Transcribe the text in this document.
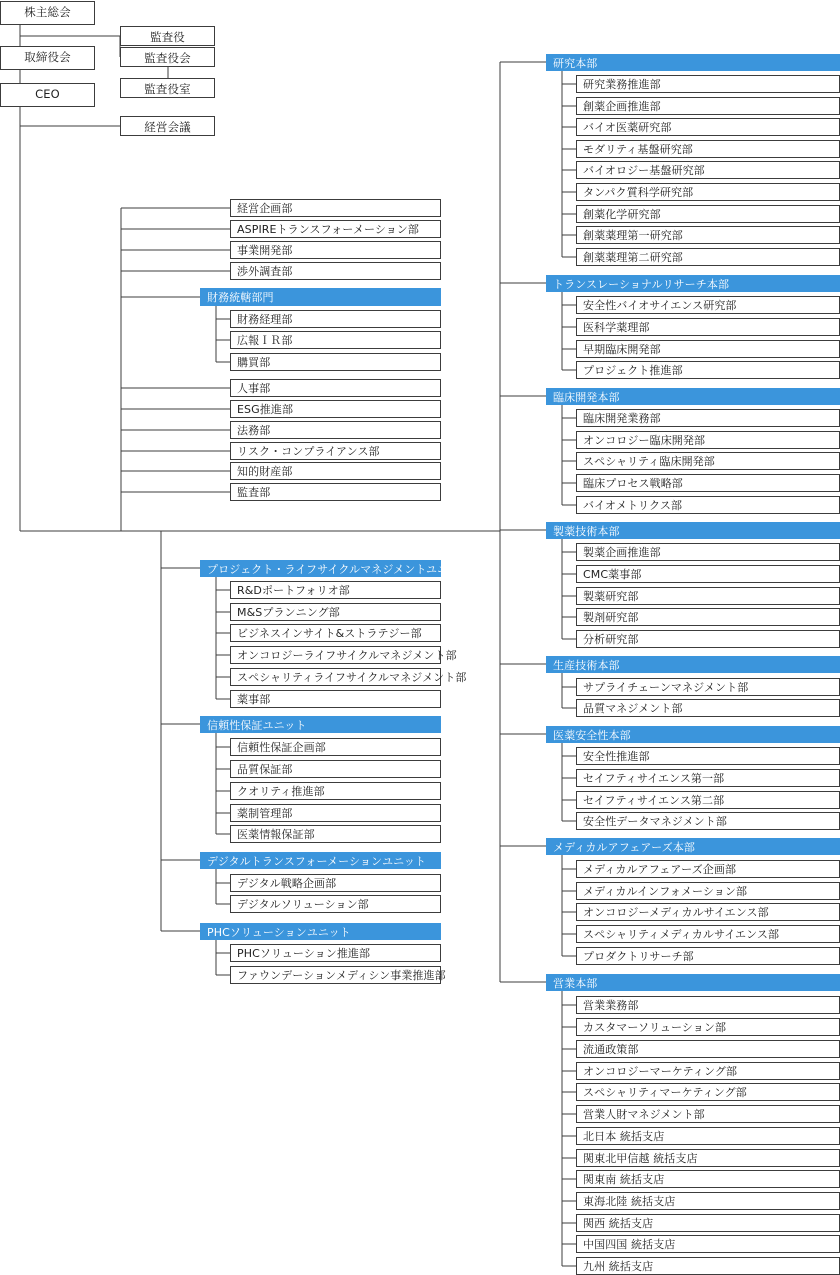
株主総会
監査役
監査役会
取締役会
CEO	監査役室
経営会議
経営企画部
ASPIREトランスフォーメーション部
事業開発部
渉外調査部
財務統轄部門
財務経理部
広報ＩＲ部
購買部
人事部
ESG推進部
法務部
リスク・コンプライアンス部
知的財産部
監査部
プロジェクト・ライフサイクルマネジメントユニット
R&Dポートフォリオ部
M&Sプランニング部
ビジネスインサイト&ストラテジー部
オンコロジーライフサイクルマネジメント部
スペシャリティライフサイクルマネジメント部
薬事部
信頼性保証ユニット
信頼性保証企画部
品質保証部
クオリティ推進部
薬制管理部
医薬情報保証部
デジタルトランスフォーメーションユニット
デジタル戦略企画部
デジタルソリューション部
PHCソリューションユニット
PHCソリューション推進部
ファウンデーションメディシン事業推進部
研究本部
研究業務推進部
創薬企画推進部
バイオ医薬研究部
モダリティ基盤研究部
バイオロジー基盤研究部
タンパク質科学研究部
創薬化学研究部
創薬薬理第一研究部
創薬薬理第二研究部
トランスレーショナルリサーチ本部
安全性バイオサイエンス研究部
医科学薬理部
早期臨床開発部
プロジェクト推進部
臨床開発本部
臨床開発業務部
オンコロジー臨床開発部
スペシャリティ臨床開発部
臨床プロセス戦略部
バイオメトリクス部
製薬技術本部
製薬企画推進部
CMC薬事部
製薬研究部
製剤研究部
分析研究部
生産技術本部
サプライチェーンマネジメント部
品質マネジメント部
医薬安全性本部
安全性推進部
セイフティサイエンス第一部
セイフティサイエンス第二部
安全性データマネジメント部
メディカルアフェアーズ本部
メディカルアフェアーズ企画部
メディカルインフォメーション部
オンコロジーメディカルサイエンス部
スペシャリティメディカルサイエンス部
プロダクトリサーチ部
営業本部
営業業務部
カスタマーソリューション部
流通政策部
オンコロジーマーケティング部
スペシャリティマーケティング部
営業人財マネジメント部
北日本 統括支店
関東北甲信越 統括支店
関東南 統括支店
東海北陸 統括支店
関西 統括支店
中国四国 統括支店
九州 統括支店
